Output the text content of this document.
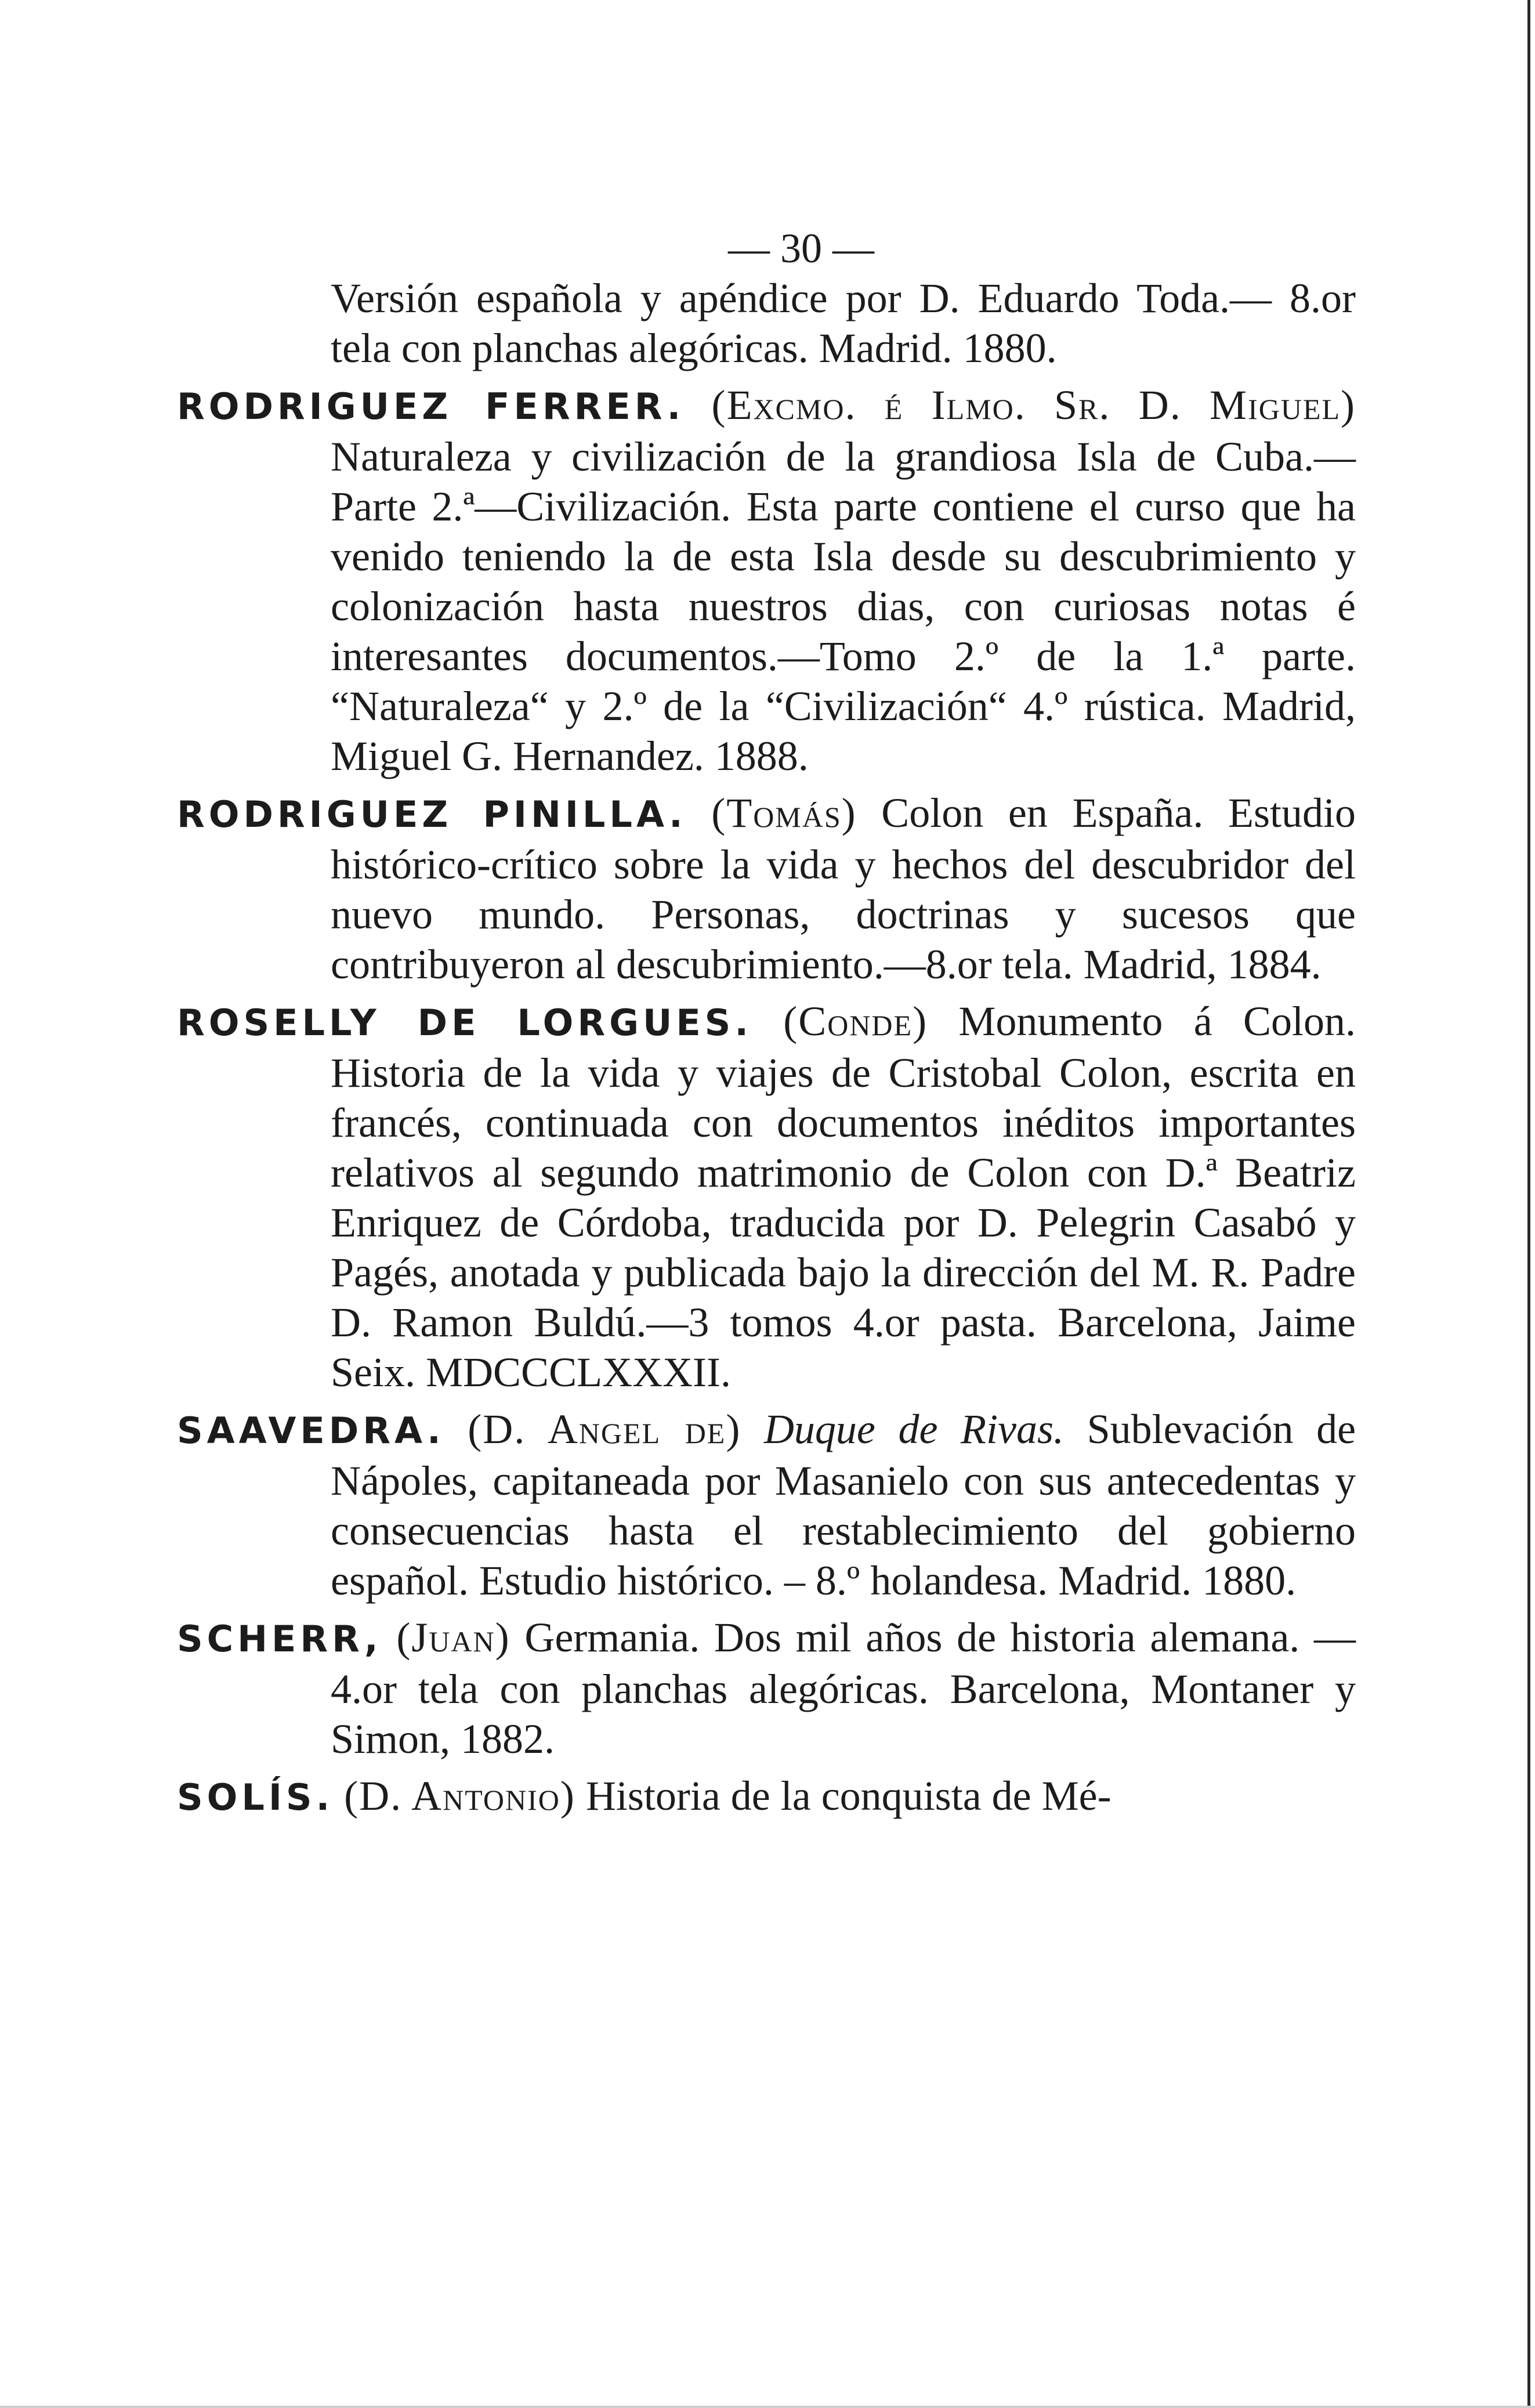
— 30 —

Versión española y apéndice por D. Eduardo Toda.— 8.or tela con planchas alegóricas. Madrid. 1880.

RODRIGUEZ FERRER. (Excmo. é Ilmo. Sr. D. Miguel) Naturaleza y civilización de la grandiosa Isla de Cuba.—Parte 2.ª—Civilización. Esta parte contiene el curso que ha venido teniendo la de esta Isla desde su descubrimiento y colonización hasta nuestros dias, con curiosas notas é interesantes documentos.—Tomo 2.º de la 1.ª parte. “Naturaleza“ y 2.º de la “Civilización“ 4.º rústica. Madrid, Miguel G. Hernandez. 1888.

RODRIGUEZ PINILLA. (Tomás) Colon en España. Estudio histórico-crítico sobre la vida y hechos del descubridor del nuevo mundo. Personas, doctrinas y sucesos que contribuyeron al descubrimiento.—8.or tela. Madrid, 1884.

ROSELLY DE LORGUES. (Conde) Monumento á Colon. Historia de la vida y viajes de Cristobal Colon, escrita en francés, continuada con documentos inéditos importantes relativos al segundo matrimonio de Colon con D.ª Beatriz Enriquez de Córdoba, traducida por D. Pelegrin Casabó y Pagés, anotada y publicada bajo la dirección del M. R. Padre D. Ramon Buldú.—3 tomos 4.or pasta. Barcelona, Jaime Seix. MDCCCLXXXII.

SAAVEDRA. (D. Angel de) Duque de Rivas. Sublevación de Nápoles, capitaneada por Masanielo con sus antecedentas y consecuencias hasta el restablecimiento del gobierno español. Estudio histórico. – 8.º holandesa. Madrid. 1880.

SCHERR, (Juan) Germania. Dos mil años de historia alemana. —4.or tela con planchas alegóricas. Barcelona, Montaner y Simon, 1882.

SOLÍS. (D. Antonio) Historia de la conquista de Mé-
